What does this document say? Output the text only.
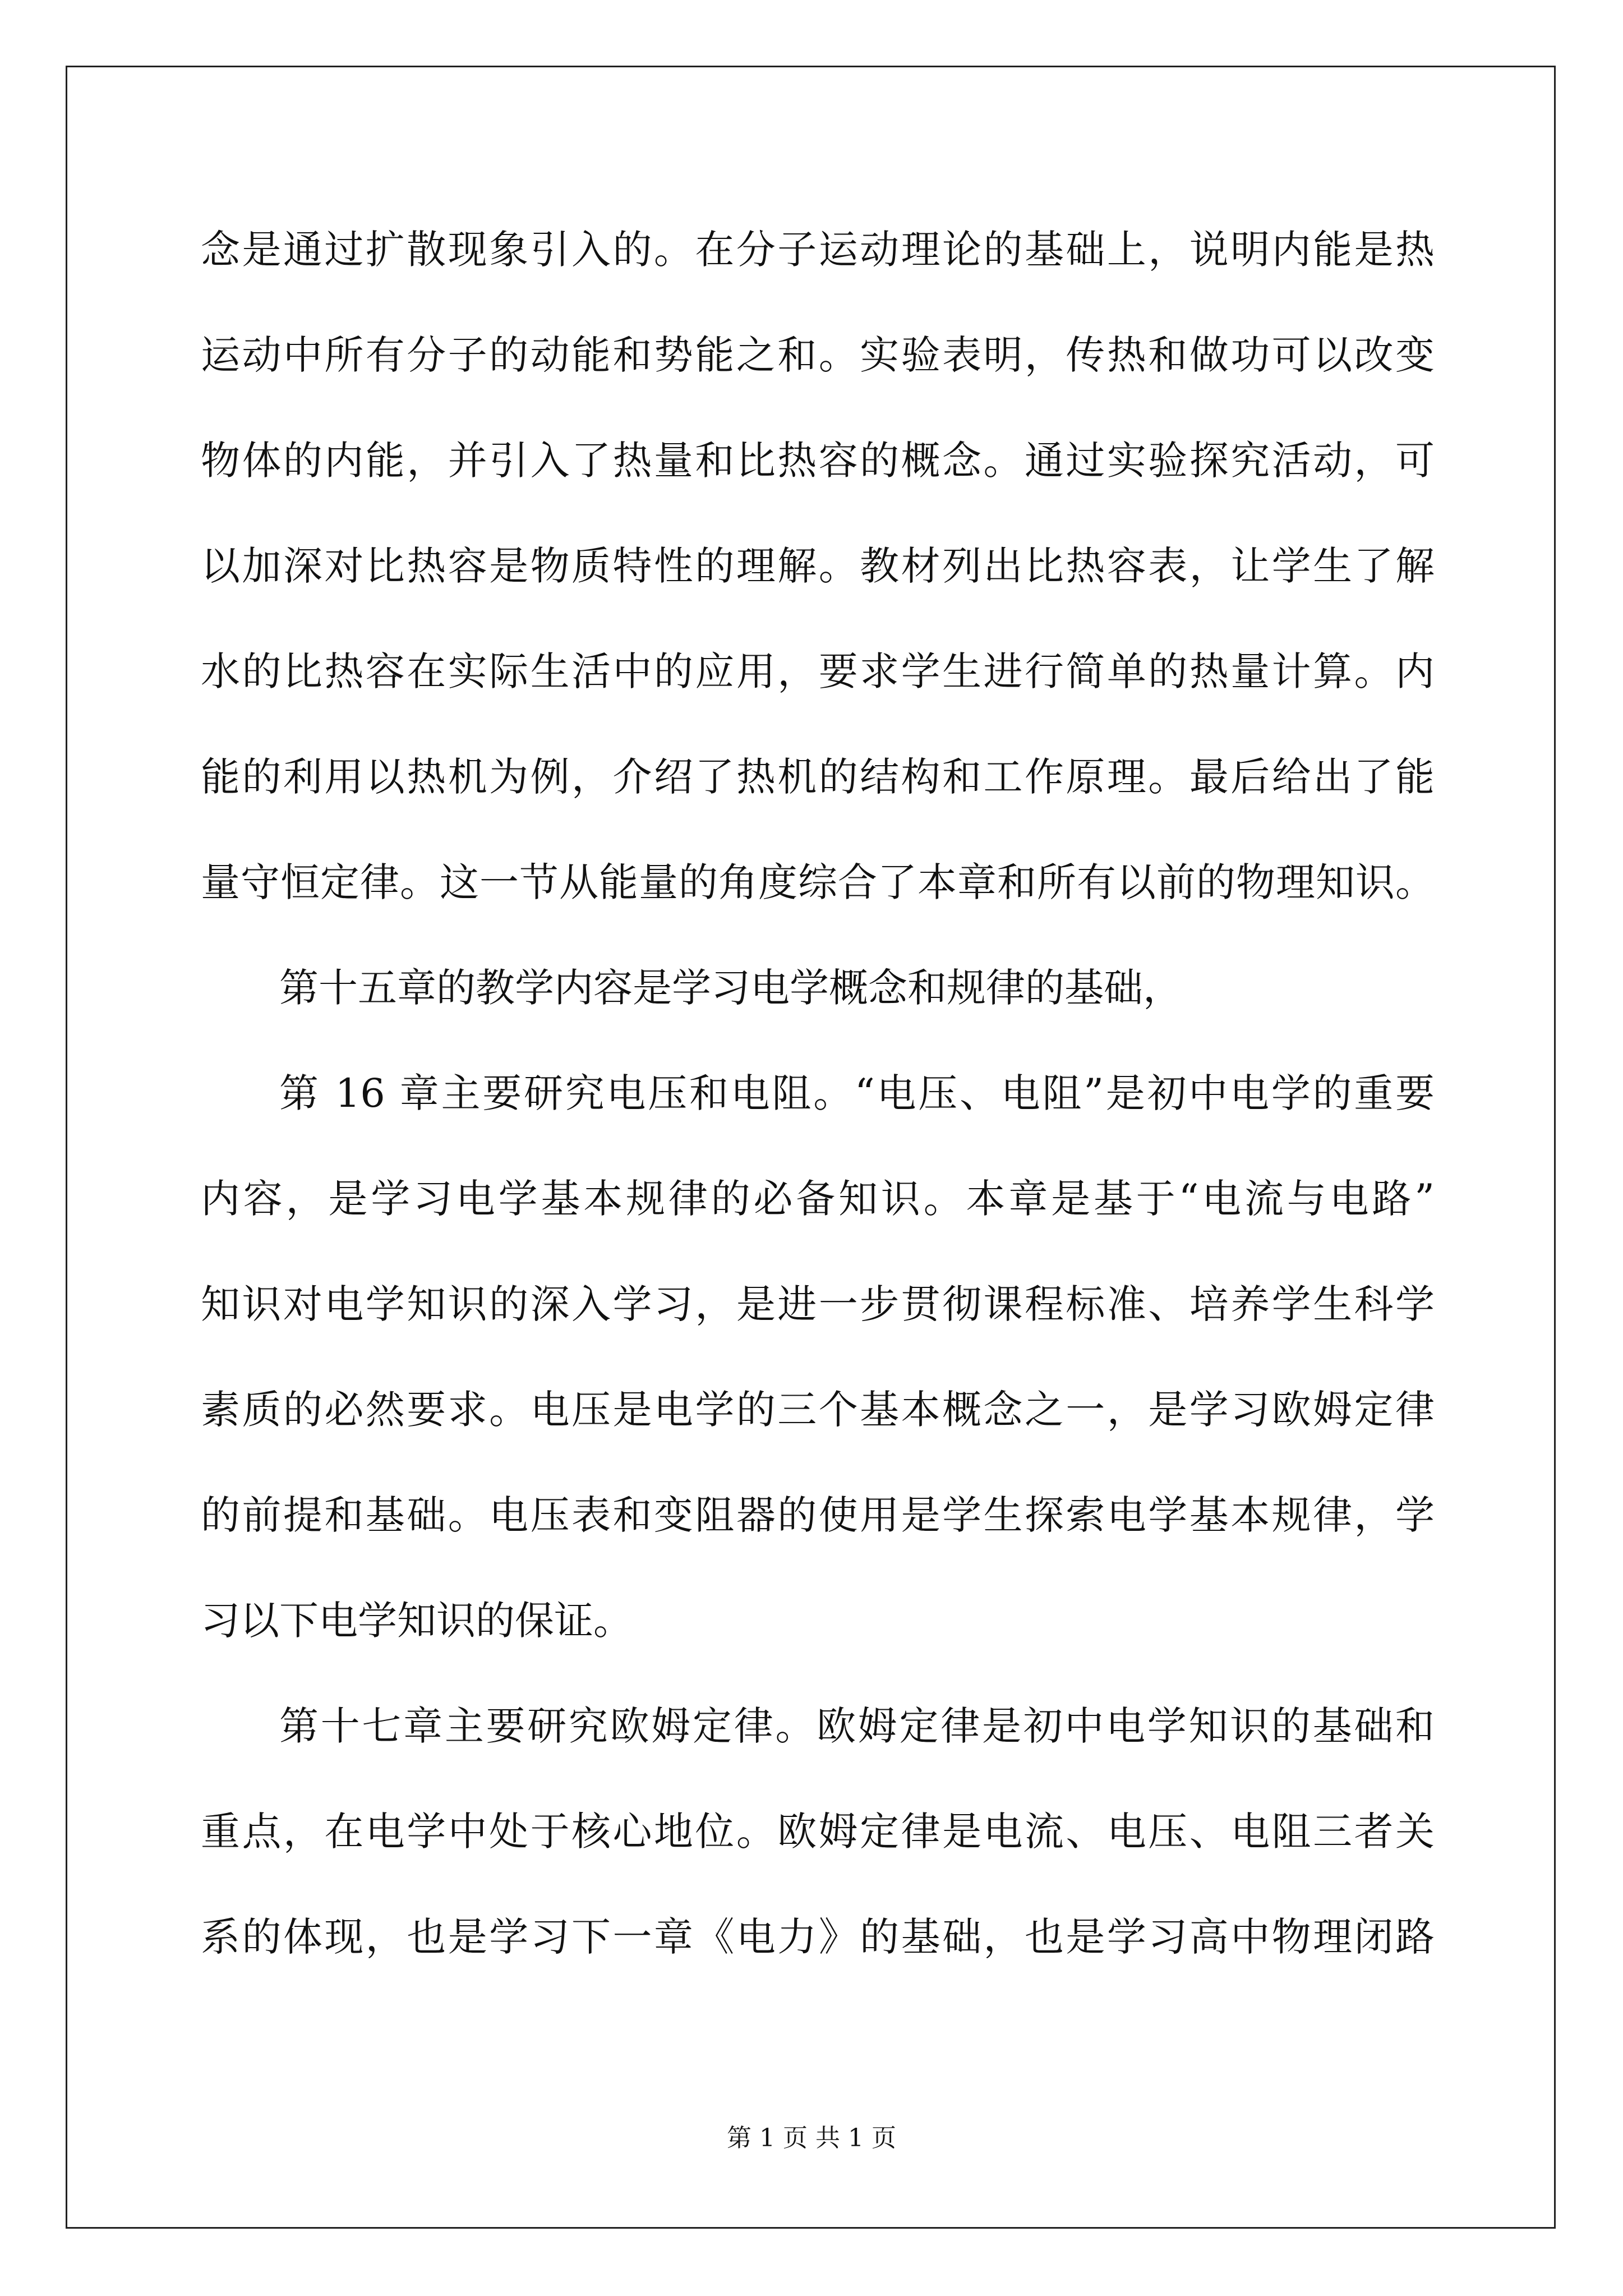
念是通过扩散现象引入的。在分子运动理论的基础上，说明内能是热
运动中所有分子的动能和势能之和。实验表明，传热和做功可以改变
物体的内能，并引入了热量和比热容的概念。通过实验探究活动，可
以加深对比热容是物质特性的理解。教材列出比热容表，让学生了解
水的比热容在实际生活中的应用，要求学生进行简单的热量计算。内
能的利用以热机为例，介绍了热机的结构和工作原理。最后给出了能
量守恒定律。这一节从能量的角度综合了本章和所有以前的物理知识。
第十五章的教学内容是学习电学概念和规律的基础，
第 16 章主要研究电压和电阻。“电压、电阻”是初中电学的重要
内容，是学习电学基本规律的必备知识。本章是基于“电流与电路”
知识对电学知识的深入学习，是进一步贯彻课程标准、培养学生科学
素质的必然要求。电压是电学的三个基本概念之一，是学习欧姆定律
的前提和基础。电压表和变阻器的使用是学生探索电学基本规律，学
习以下电学知识的保证。
第十七章主要研究欧姆定律。欧姆定律是初中电学知识的基础和
重点，在电学中处于核心地位。欧姆定律是电流、电压、电阻三者关
系的体现，也是学习下一章《电力》的基础，也是学习高中物理闭路
第 1 页 共 1 页
